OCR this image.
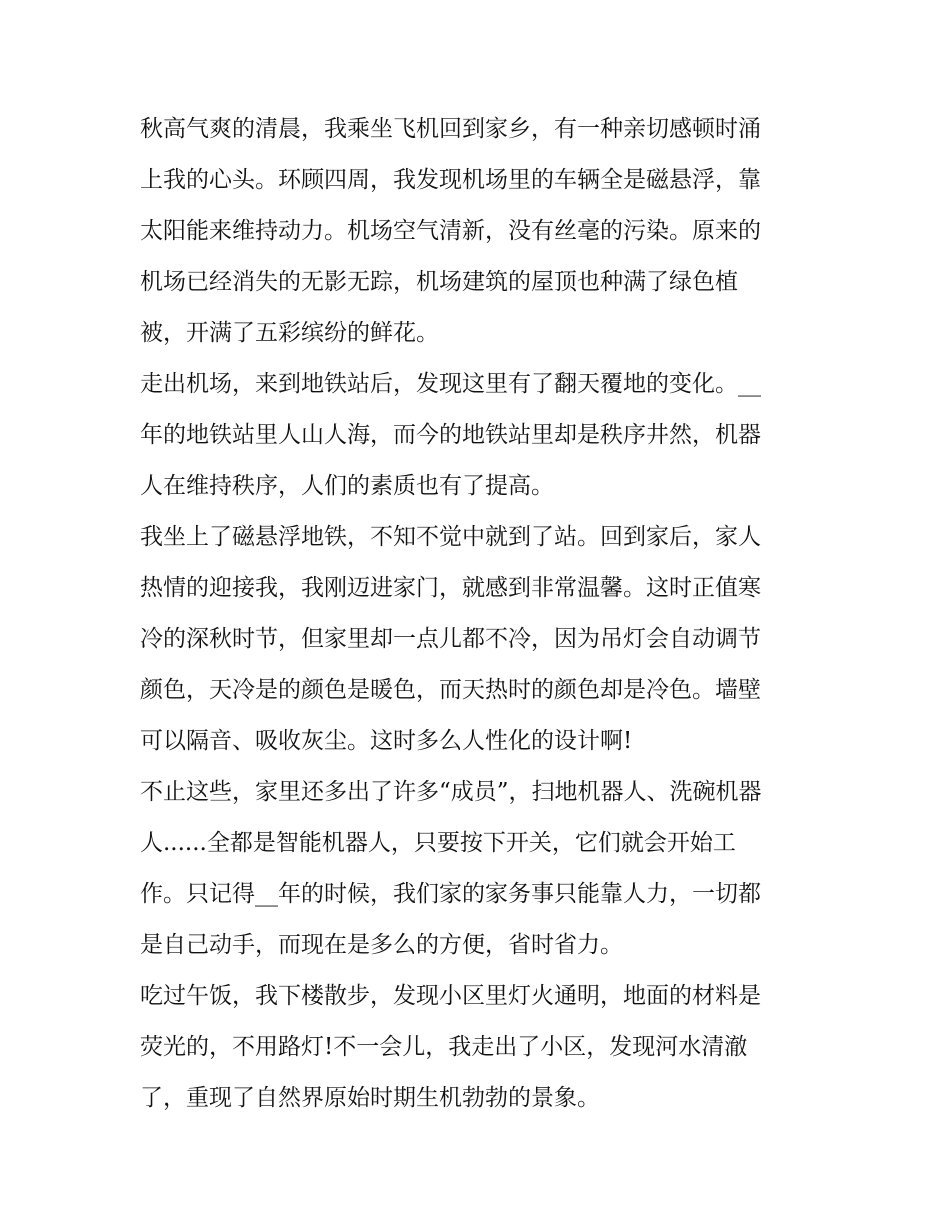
秋高气爽的清晨，我乘坐飞机回到家乡，有一种亲切感顿时涌
上我的心头。环顾四周，我发现机场里的车辆全是磁悬浮，靠
太阳能来维持动力。机场空气清新，没有丝毫的污染。原来的
机场已经消失的无影无踪，机场建筑的屋顶也种满了绿色植
被，开满了五彩缤纷的鲜花。
走出机场，来到地铁站后，发现这里有了翻天覆地的变化。__
年的地铁站里人山人海，而今的地铁站里却是秩序井然，机器
人在维持秩序，人们的素质也有了提高。
我坐上了磁悬浮地铁，不知不觉中就到了站。回到家后，家人
热情的迎接我，我刚迈进家门，就感到非常温馨。这时正值寒
冷的深秋时节，但家里却一点儿都不冷，因为吊灯会自动调节
颜色，天冷是的颜色是暖色，而天热时的颜色却是冷色。墙壁
可以隔音、吸收灰尘。这时多么人性化的设计啊!
不止这些，家里还多出了许多“成员”，扫地机器人、洗碗机器
人......全都是智能机器人，只要按下开关，它们就会开始工
作。只记得__年的时候，我们家的家务事只能靠人力，一切都
是自己动手，而现在是多么的方便，省时省力。
吃过午饭，我下楼散步，发现小区里灯火通明，地面的材料是
荧光的，不用路灯!不一会儿，我走出了小区，发现河水清澈
了，重现了自然界原始时期生机勃勃的景象。
